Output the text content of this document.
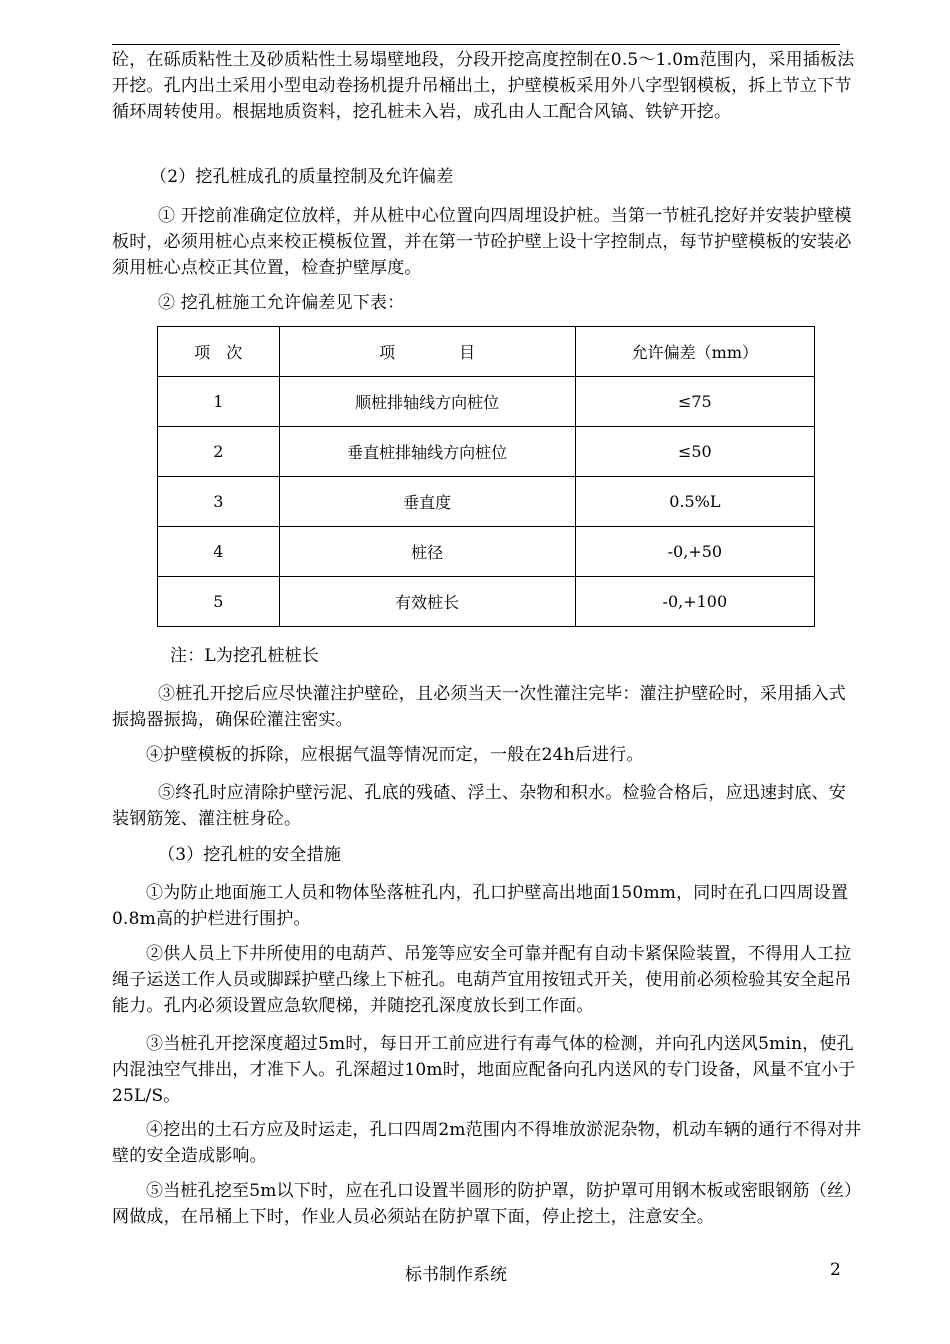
砼，在砾质粘性土及砂质粘性土易塌壁地段，分段开挖高度控制在0.5～1.0m范围内，采用插板法开挖。孔内出土采用小型电动卷扬机提升吊桶出土，护壁模板采用外八字型钢模板，拆上节立下节循环周转使用。根据地质资料，挖孔桩未入岩，成孔由人工配合风镐、铁铲开挖。
（2）挖孔桩成孔的质量控制及允许偏差
① 开挖前准确定位放样，并从桩中心位置向四周埋设护桩。当第一节桩孔挖好并安装护壁模板时，必须用桩心点来校正模板位置，并在第一节砼护壁上设十字控制点，每节护壁模板的安装必须用桩心点校正其位置，检查护壁厚度。
② 挖孔桩施工允许偏差见下表：
项　次	项　　　　目	允许偏差（mm）
1	顺桩排轴线方向桩位	≤75
2	垂直桩排轴线方向桩位	≤50
3	垂直度	0.5%L
4	桩径	-0,+50
5	有效桩长	-0,+100
注：L为挖孔桩桩长
③桩孔开挖后应尽快灌注护壁砼，且必须当天一次性灌注完毕：灌注护壁砼时，采用插入式振捣器振捣，确保砼灌注密实。
④护壁模板的拆除，应根据气温等情况而定，一般在24h后进行。
⑤终孔时应清除护壁污泥、孔底的残碴、浮土、杂物和积水。检验合格后，应迅速封底、安装钢筋笼、灌注桩身砼。
（3）挖孔桩的安全措施
①为防止地面施工人员和物体坠落桩孔内，孔口护壁高出地面150mm，同时在孔口四周设置0.8m高的护栏进行围护。
②供人员上下井所使用的电葫芦、吊笼等应安全可靠并配有自动卡紧保险装置，不得用人工拉绳子运送工作人员或脚踩护壁凸缘上下桩孔。电葫芦宜用按钮式开关，使用前必须检验其安全起吊能力。孔内必须设置应急软爬梯，并随挖孔深度放长到工作面。
③当桩孔开挖深度超过5m时，每日开工前应进行有毒气体的检测，并向孔内送风5min，使孔内混浊空气排出，才准下人。孔深超过10m时，地面应配备向孔内送风的专门设备，风量不宜小于25L/S。
④挖出的土石方应及时运走，孔口四周2m范围内不得堆放淤泥杂物，机动车辆的通行不得对井壁的安全造成影响。
⑤当桩孔挖至5m以下时，应在孔口设置半圆形的防护罩，防护罩可用钢木板或密眼钢筋（丝）网做成，在吊桶上下时，作业人员必须站在防护罩下面，停止挖土，注意安全。
标书制作系统	2
